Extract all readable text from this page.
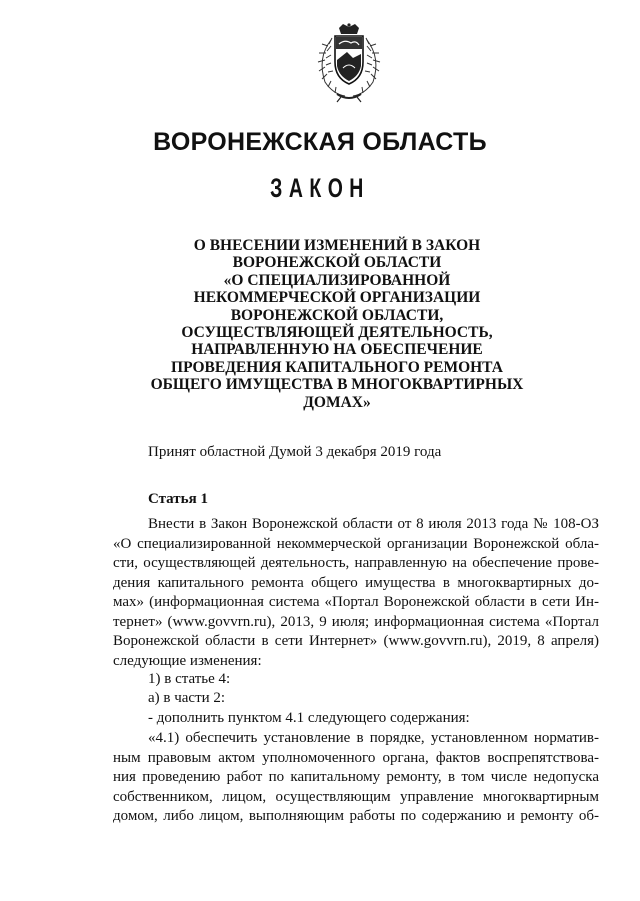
ВОРОНЕЖСКАЯ ОБЛАСТЬ
ЗАКОН
О ВНЕСЕНИИ ИЗМЕНЕНИЙ В ЗАКОН
ВОРОНЕЖСКОЙ ОБЛАСТИ
«О СПЕЦИАЛИЗИРОВАННОЙ
НЕКОММЕРЧЕСКОЙ ОРГАНИЗАЦИИ
ВОРОНЕЖСКОЙ ОБЛАСТИ,
ОСУЩЕСТВЛЯЮЩЕЙ ДЕЯТЕЛЬНОСТЬ,
НАПРАВЛЕННУЮ НА ОБЕСПЕЧЕНИЕ
ПРОВЕДЕНИЯ КАПИТАЛЬНОГО РЕМОНТА
ОБЩЕГО ИМУЩЕСТВА В МНОГОКВАРТИРНЫХ
ДОМАХ»
Принят областной Думой 3 декабря 2019 года
Статья 1
Внести в Закон Воронежской области от 8 июля 2013 года № 108-ОЗ
«О специализированной некоммерческой организации Воронежской обла-
сти, осуществляющей деятельность, направленную на обеспечение прове-
дения капитального ремонта общего имущества в многоквартирных до-
мах» (информационная система «Портал Воронежской области в сети Ин-
тернет» (www.govvrn.ru), 2013, 9 июля; информационная система «Портал
Воронежской области в сети Интернет» (www.govvrn.ru), 2019, 8 апреля)
следующие изменения:
1) в статье 4:
а) в части 2:
- дополнить пунктом 4.1 следующего содержания:
«4.1) обеспечить установление в порядке, установленном норматив-
ным правовым актом уполномоченного органа, фактов воспрепятствова-
ния проведению работ по капитальному ремонту, в том числе недопуска
собственником, лицом, осуществляющим управление многоквартирным
домом, либо лицом, выполняющим работы по содержанию и ремонту об-
